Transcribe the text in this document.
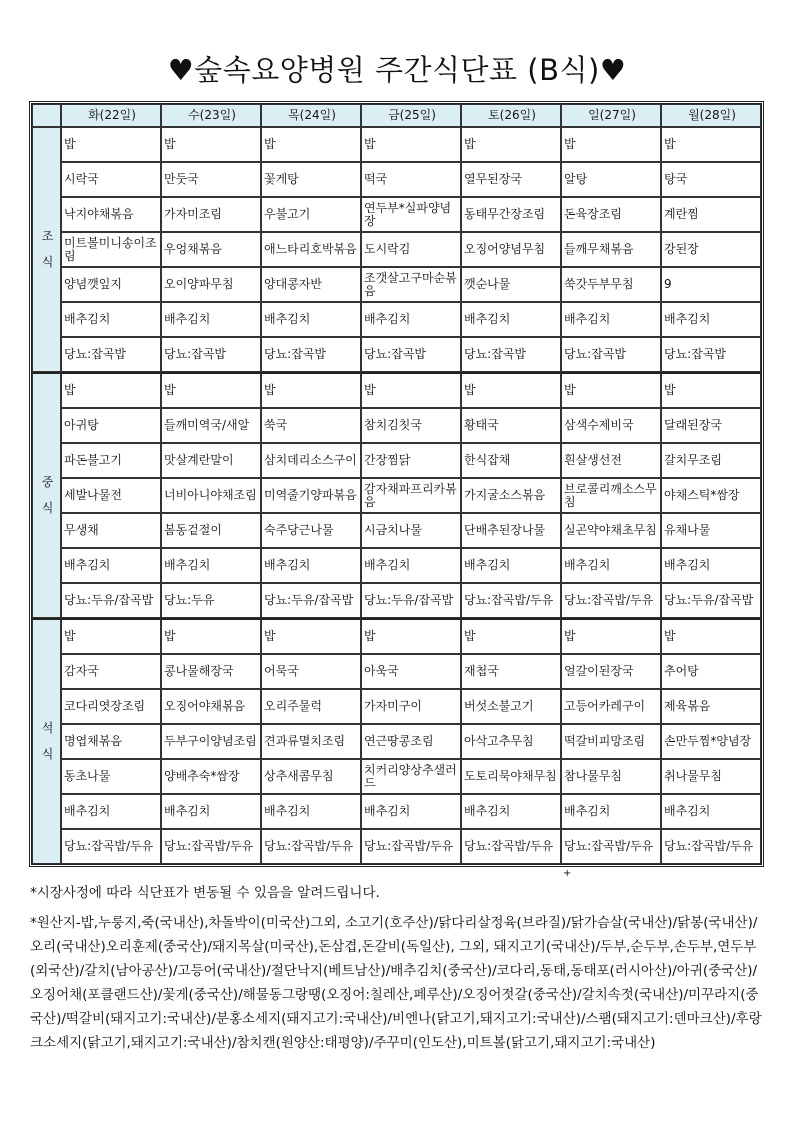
♥숲속요양병원 주간식단표 (B식)♥
	화(22일)	수(23일)	목(24일)	금(25일)	토(26일)	일(27일)	월(28일)
조

식	밥	밥	밥	밥	밥	밥	밥
	시락국	만둣국	꽃게탕	떡국	열무된장국	알탕	탕국
	낙지야채볶음	가자미조림	우불고기	연두부*실파양념장	동태무간장조림	돈육장조림	계란찜
	미트볼미니송이조림	우엉채볶음	애느타리호박볶음	도시락김	오징어양념무침	들깨무채볶음	강된장
	양념깻잎지	오이양파무침	양대콩자반	조갯살고구마순볶음	깻순나물	쑥갓두부무침	9
	배추김치	배추김치	배추김치	배추김치	배추김치	배추김치	배추김치
	당뇨:잡곡밥	당뇨:잡곡밥	당뇨:잡곡밥	당뇨:잡곡밥	당뇨:잡곡밥	당뇨:잡곡밥	당뇨:잡곡밥
중

식	밥	밥	밥	밥	밥	밥	밥
	아귀탕	들깨미역국/새알	쑥국	참치김칫국	황태국	삼색수제비국	달래된장국
	파돈불고기	맛살계란말이	삼치데리소스구이	간장찜닭	한식잡채	흰살생선전	갈치무조림
	세발나물전	너비아니야채조림	미역줄기양파볶음	감자채파프리카볶음	가지굴소스볶음	브로콜리깨소스무침	야채스틱*쌈장
	무생채	봄동겉절이	숙주당근나물	시금치나물	단배추된장나물	실곤약야채초무침	유채나물
	배추김치	배추김치	배추김치	배추김치	배추김치	배추김치	배추김치
	당뇨:두유/잡곡밥	당뇨:두유	당뇨:두유/잡곡밥	당뇨:두유/잡곡밥	당뇨:잡곡밥/두유	당뇨:잡곡밥/두유	당뇨:두유/잡곡밥
석

식	밥	밥	밥	밥	밥	밥	밥
	감자국	콩나물해장국	어묵국	아욱국	재첩국	얼갈이된장국	추어탕
	코다리엿장조림	오징어야채볶음	오리주물럭	가자미구이	버섯소불고기	고등어카레구이	제육볶음
	명엽채볶음	두부구이양념조림	견과류멸치조림	연근땅콩조림	아삭고추무침	떡갈비피망조림	손만두찜*양념장
	동초나물	양배추숙*쌈장	상추새콤무침	치커리양상추샐러드	도토리묵야채무침	참나물무침	취나물무침
	배추김치	배추김치	배추김치	배추김치	배추김치	배추김치	배추김치
	당뇨:잡곡밥/두유	당뇨:잡곡밥/두유	당뇨:잡곡밥/두유	당뇨:잡곡밥/두유	당뇨:잡곡밥/두유	당뇨:잡곡밥/두유	당뇨:잡곡밥/두유
+
*시장사정에 따라 식단표가 변동될 수 있음을 알려드립니다.
*원산지-밥,누룽지,죽(국내산),차돌박이(미국산)그외, 소고기(호주산)/닭다리살정육(브라질)/닭가슴살(국내산)/닭봉(국내산)/오리(국내산)오리훈제(중국산)/돼지목살(미국산),돈삼겹,돈갈비(독일산), 그외, 돼지고기(국내산)/두부,순두부,손두부,연두부(외국산)/갈치(남아공산)/고등어(국내산)/절단낙지(베트남산)/배추김치(중국산)/코다리,동태,동태포(러시아산)/아귀(중국산)/오징어채(포클랜드산)/꽃게(중국산)/해물동그랑땡(오징어:칠레산,페루산)/오징어젓갈(중국산)/갈치속젓(국내산)/미꾸라지(중국산)/떡갈비(돼지고기:국내산)/분홍소세지(돼지고기:국내산)/비엔나(닭고기,돼지고기:국내산)/스팸(돼지고기:덴마크산)/후랑크소세지(닭고기,돼지고기:국내산)/참치캔(원양산:태평양)/주꾸미(인도산),미트볼(닭고기,돼지고기:국내산)
